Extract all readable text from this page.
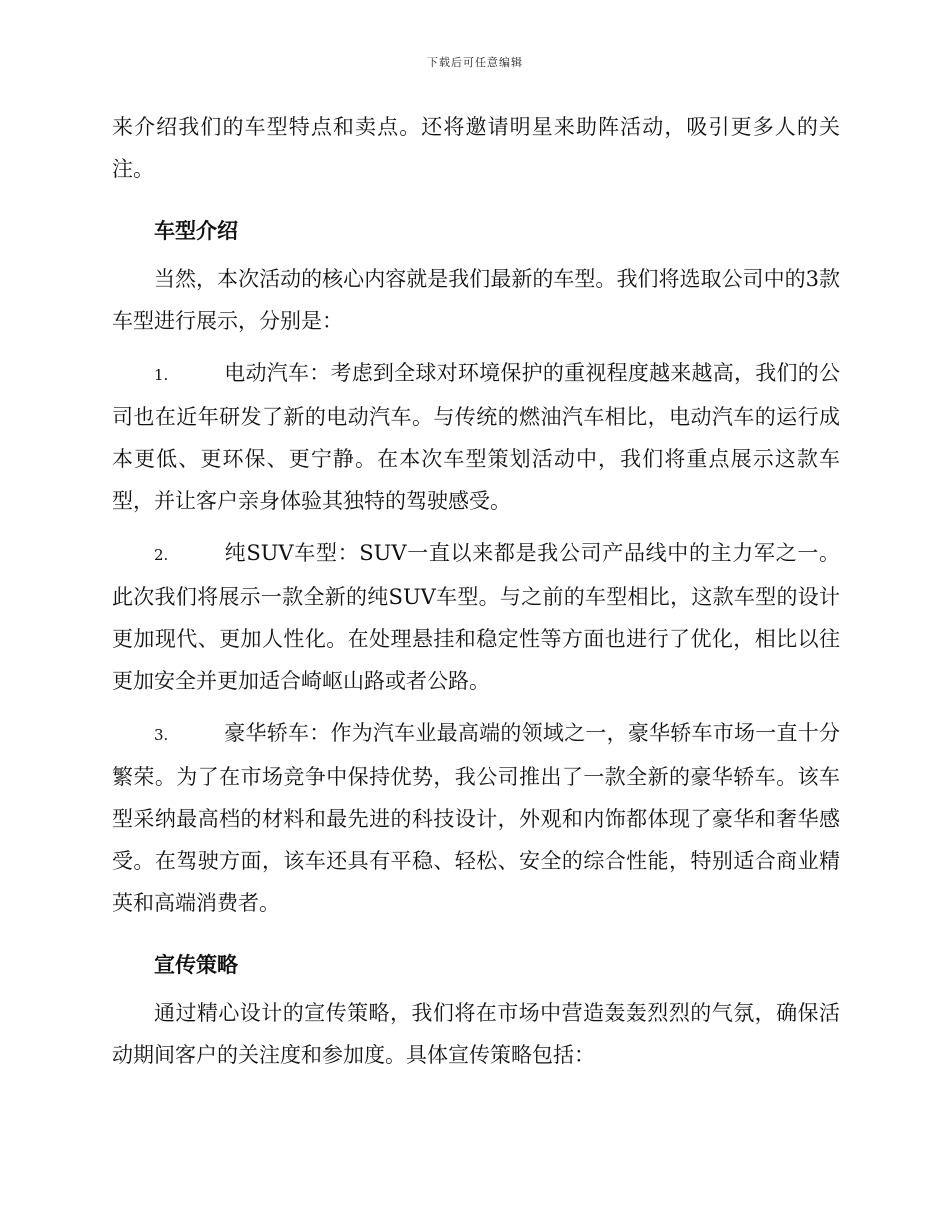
下载后可任意编辑

来介绍我们的车型特点和卖点。还将邀请明星来助阵活动，吸引更多人的关注。

车型介绍

当然，本次活动的核心内容就是我们最新的车型。我们将选取公司中的3款车型进行展示，分别是：

1.	电动汽车：考虑到全球对环境保护的重视程度越来越高，我们的公司也在近年研发了新的电动汽车。与传统的燃油汽车相比，电动汽车的运行成本更低、更环保、更宁静。在本次车型策划活动中，我们将重点展示这款车型，并让客户亲身体验其独特的驾驶感受。

2.	纯SUV车型：SUV一直以来都是我公司产品线中的主力军之一。此次我们将展示一款全新的纯SUV车型。与之前的车型相比，这款车型的设计更加现代、更加人性化。在处理悬挂和稳定性等方面也进行了优化，相比以往更加安全并更加适合崎岖山路或者公路。

3.	豪华轿车：作为汽车业最高端的领域之一，豪华轿车市场一直十分繁荣。为了在市场竞争中保持优势，我公司推出了一款全新的豪华轿车。该车型采纳最高档的材料和最先进的科技设计，外观和内饰都体现了豪华和奢华感受。在驾驶方面，该车还具有平稳、轻松、安全的综合性能，特别适合商业精英和高端消费者。

宣传策略

通过精心设计的宣传策略，我们将在市场中营造轰轰烈烈的气氛，确保活动期间客户的关注度和参加度。具体宣传策略包括：
